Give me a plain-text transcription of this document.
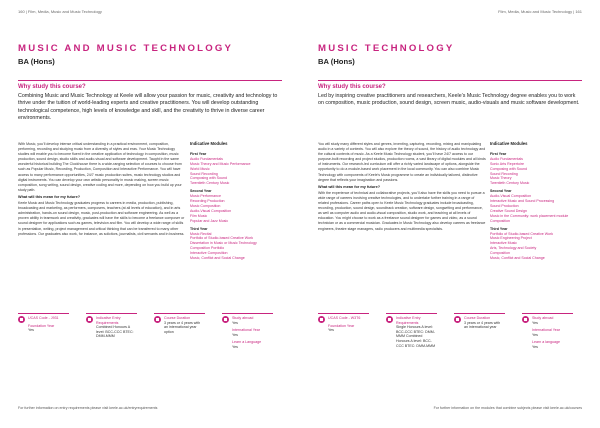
160 | Film, Media, Music and Music Technology
MUSIC AND MUSIC TECHNOLOGY
BA (Hons)
Why study this course?
Combining Music and Music Technology at Keele will allow your passion for music, creativity and technology to thrive under the tuition of world-leading experts and creative practitioners. You will develop outstanding technological competence, high levels of knowledge and skill, and the creativity to thrive in diverse career environments.

With Music, you’ll develop intense critical understanding in a practical environment, composition, performing, recording and studying music from a diversity of styles and eras. Your Music Technology studies will enable you to become fluent in the creative application of technology in composition, music production, sound design, studio skills and audio-visual and software development. Taught in the same wonderful historical building The Clockhouse there is a wide-ranging selection of courses to choose from such as Popular Music, Recording, Production, Composition and Interactive Performance. You will have access to many performance opportunities, 24/7 music production suites, music technology studios and digital instruments. You can develop your own artistic personality in music making, screen music composition, song writing, sound design, creative coding and more, depending on how you build up your study path.

What will this mean for my future?

Keele Music and Music Technology graduates progress to careers in media, production, publishing, broadcasting and marketing, as performers, composers, teachers (at all levels of education), and in arts administration, hands-on sound design, music, post-production and software engineering. As well as a proven ability in teamwork and creativity, graduates will have the skills to become a freelance composer or sound designer for applications such as games, television and film. You will develop a wide range of skills in presentation, writing, project management and critical thinking that can be transferred to many other professions. Our graduates also work, for instance, as solicitors, journalists, civil servants and in business.

Indicative Modules
First Year
Audio Fundamentals
Music Theory and Music Performance
World Music
Sound Recording
Composing with Sound
Twentieth Century Music
Second Year
Music Performance
Recording Production
Music Composition
Audio-Visual Composition
Film Music
Popular and Jazz Music
Third Year
Music Recital
Portfolio of Studio-based Creative Work
Dissertation in Music or Music Technology
Composition Portfolio
Interactive Composition
Music, Conflict and Social Change
UCAS Code - J931
Foundation Year
Yes
Indicative Entry Requirements
Combined Honours A level: BCC-CCC BTEC: DMM-MMM
Course Duration
3 years or 4 years with an international year option
Study abroad
Yes
International Year
Yes
Learn a Language
Yes
For further information on entry requirements please visit keele.ac.uk/entryrequirements
Film, Media, Music and Music Technology | 161
MUSIC TECHNOLOGY
BA (Hons)
Why study this course?
Led by inspiring creative practitioners and researchers, Keele’s Music Technology degree enables you to work on composition, music production, sound design, screen music, audio-visuals and music software development.

You will study many different styles and genres, inventing, capturing, recording, mixing and manipulating audio in a variety of contexts. You will also explore the theory of sound, the history of audio technology and the cultural contexts of music. As a Keele Music Technology student, you’ll have 24/7 access to our purpose-built recording and project studios, production rooms, a vast library of digital modules and all kinds of instruments. Our research-led curriculum will offer a richly varied landscape of options, alongside the opportunity to do a module-based work placement in the local community. You can also combine Music Technology with components of Keele’s Music programme to create an individually tailored, distinctive degree that reflects your imagination and passions.

What will this mean for my future?

With the experience of technical and collaborative projects, you’ll also have the skills you need to pursue a wide range of careers involving creative technologies, and to undertake further training in a range of related professions. Career paths open to Keele Music Technology graduates include broadcasting, recording, production, sound design, soundtrack creation, software design, songwriting and performance, as well as computer audio and audio-visual composition, studio work, and teaching at all levels of education. You might choose to work as a freelance sound designer for games and video, as a sound technician or as a commercial musician. Graduates in Music Technology also develop careers as freelance engineers, theatre stage managers, radio producers and multimedia specialists.

Indicative Modules
First Year
Audio Fundamentals
Sonic Arts Repertoire
Composing with Sound
Sound Recording
Music Theory
Twentieth Century Music
Second Year
Audio-Visual Composition
Interactive Music and Sound Processing
Sound Production
Creative Sound Design
Music in the Community: work placement module
Composition
Third Year
Portfolio of Studio-based Creative Work
Music Engineering Project
Interactive Music
Arts, Technology and Society
Composition
Music, Conflict and Social Change
UCAS Code - W3T6
Foundation Year
Yes
Indicative Entry Requirements
Single Honours A level: BCC-CCC BTEC: DMM-MMM Combined Honours A level: BCC-CCC BTEC: DMM-MMM
Course Duration
3 years or 4 years with an international year
Study abroad
Yes
International Year
Yes
Learn a language
Yes
For further information on the modules that combine subjects please visit keele.ac.uk/courses
